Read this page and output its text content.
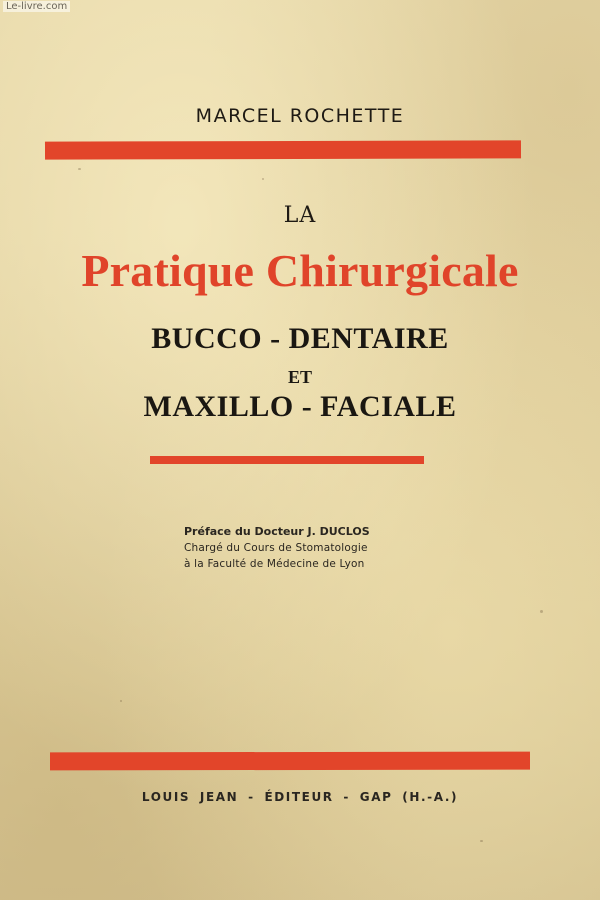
Le-livre.com
MARCEL ROCHETTE
LA
Pratique Chirurgicale
BUCCO - DENTAIRE
ET
MAXILLO - FACIALE
Préface du Docteur J. DUCLOS
Chargé du Cours de Stomatologie
à la Faculté de Médecine de Lyon
LOUIS JEAN - ÉDITEUR - GAP (H.-A.)
